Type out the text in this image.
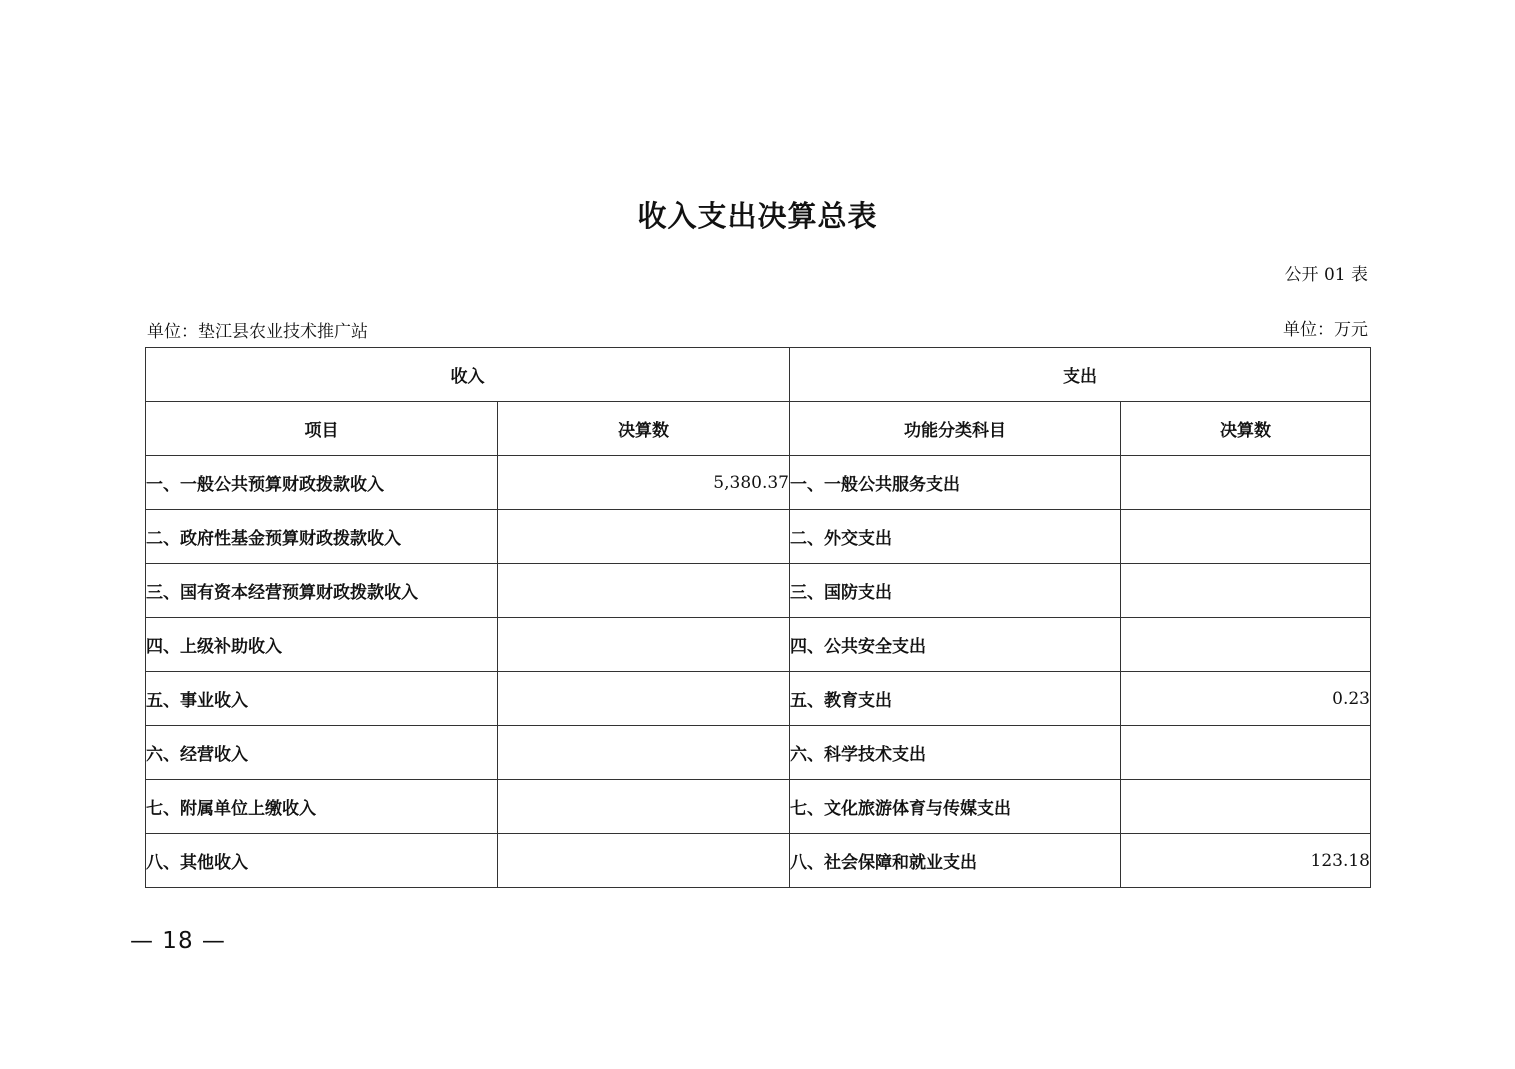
收入支出决算总表
公开 01 表
单位：垫江县农业技术推广站	单位：万元
收入		支出	
项目	决算数	功能分类科目	决算数
一、一般公共预算财政拨款收入	5,380.37	一、一般公共服务支出	
二、政府性基金预算财政拨款收入		二、外交支出	
三、国有资本经营预算财政拨款收入		三、国防支出	
四、上级补助收入		四、公共安全支出	
五、事业收入		五、教育支出	0.23
六、经营收入		六、科学技术支出	
七、附属单位上缴收入		七、文化旅游体育与传媒支出	
八、其他收入		八、社会保障和就业支出	123.18
— 18 —
